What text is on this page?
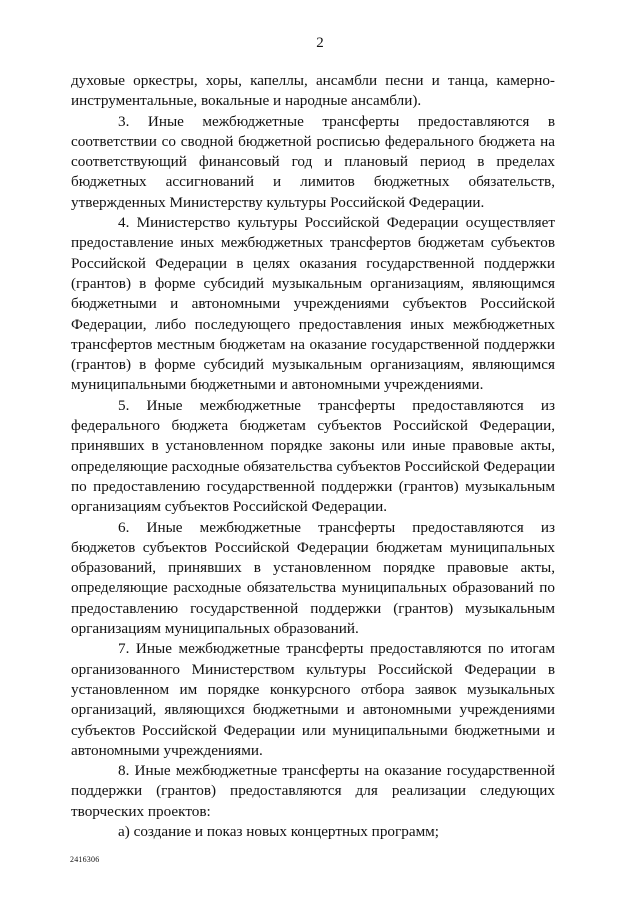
2

духовые оркестры, хоры, капеллы, ансамбли песни и танца, камерно-инструментальные, вокальные и народные ансамбли).

3. Иные межбюджетные трансферты предоставляются в соответствии со сводной бюджетной росписью федерального бюджета на соответствующий финансовый год и плановый период в пределах бюджетных ассигнований и лимитов бюджетных обязательств, утвержденных Министерству культуры Российской Федерации.

4. Министерство культуры Российской Федерации осуществляет предоставление иных межбюджетных трансфертов бюджетам субъектов Российской Федерации в целях оказания государственной поддержки (грантов) в форме субсидий музыкальным организациям, являющимся бюджетными и автономными учреждениями субъектов Российской Федерации, либо последующего предоставления иных межбюджетных трансфертов местным бюджетам на оказание государственной поддержки (грантов) в форме субсидий музыкальным организациям, являющимся муниципальными бюджетными и автономными учреждениями.

5. Иные межбюджетные трансферты предоставляются из федерального бюджета бюджетам субъектов Российской Федерации, принявших в установленном порядке законы или иные правовые акты, определяющие расходные обязательства субъектов Российской Федерации по предоставлению государственной поддержки (грантов) музыкальным организациям субъектов Российской Федерации.

6. Иные межбюджетные трансферты предоставляются из бюджетов субъектов Российской Федерации бюджетам муниципальных образований, принявших в установленном порядке правовые акты, определяющие расходные обязательства муниципальных образований по предоставлению государственной поддержки (грантов) музыкальным организациям муниципальных образований.

7. Иные межбюджетные трансферты предоставляются по итогам организованного Министерством культуры Российской Федерации в установленном им порядке конкурсного отбора заявок музыкальных организаций, являющихся бюджетными и автономными учреждениями субъектов Российской Федерации или муниципальными бюджетными и автономными учреждениями.

8. Иные межбюджетные трансферты на оказание государственной поддержки (грантов) предоставляются для реализации следующих творческих проектов:

а) создание и показ новых концертных программ;

2416306
